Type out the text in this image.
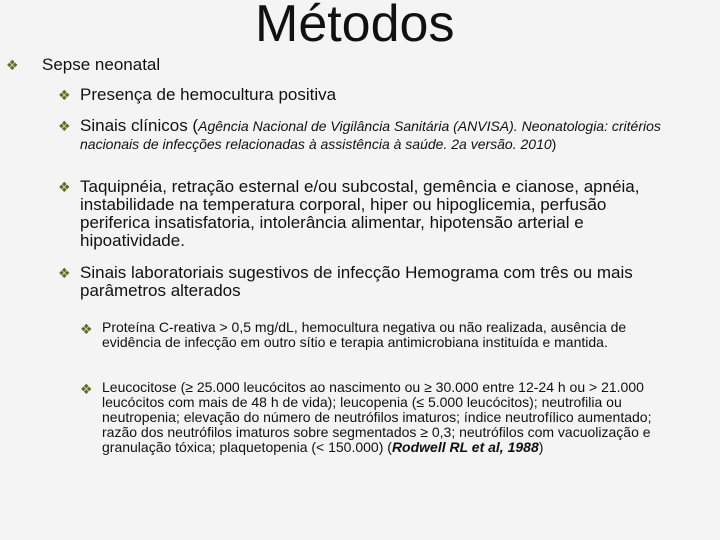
Métodos
❖	Sepse neonatal
❖ Presença de hemocultura positiva
❖ Sinais clínicos (Agência Nacional de Vigilância Sanitária (ANVISA). Neonatologia: critérios nacionais de infecções relacionadas à assistência à saúde. 2a versão. 2010)
❖ Taquipnéia, retração esternal e/ou subcostal, gemência e cianose, apnéia, instabilidade na temperatura corporal, hiper ou hipoglicemia, perfusão periferica insatisfatoria, intolerância alimentar, hipotensão arterial e hipoatividade.
❖ Sinais laboratoriais sugestivos de infecção Hemograma com três ou mais parâmetros alterados
❖ Proteína C-reativa > 0,5 mg/dL, hemocultura negativa ou não realizada, ausência de evidência de infecção em outro sítio e terapia antimicrobiana instituída e mantida.
❖ Leucocitose (≥ 25.000 leucócitos ao nascimento ou ≥ 30.000 entre 12-24 h ou > 21.000 leucócitos com mais de 48 h de vida); leucopenia (≤ 5.000 leucócitos); neutrofilia ou neutropenia; elevação do número de neutrófilos imaturos; índice neutrofílico aumentado; razão dos neutrófilos imaturos sobre segmentados ≥ 0,3; neutrófilos com vacuolização e granulação tóxica; plaquetopenia (< 150.000) (Rodwell RL et al, 1988)
